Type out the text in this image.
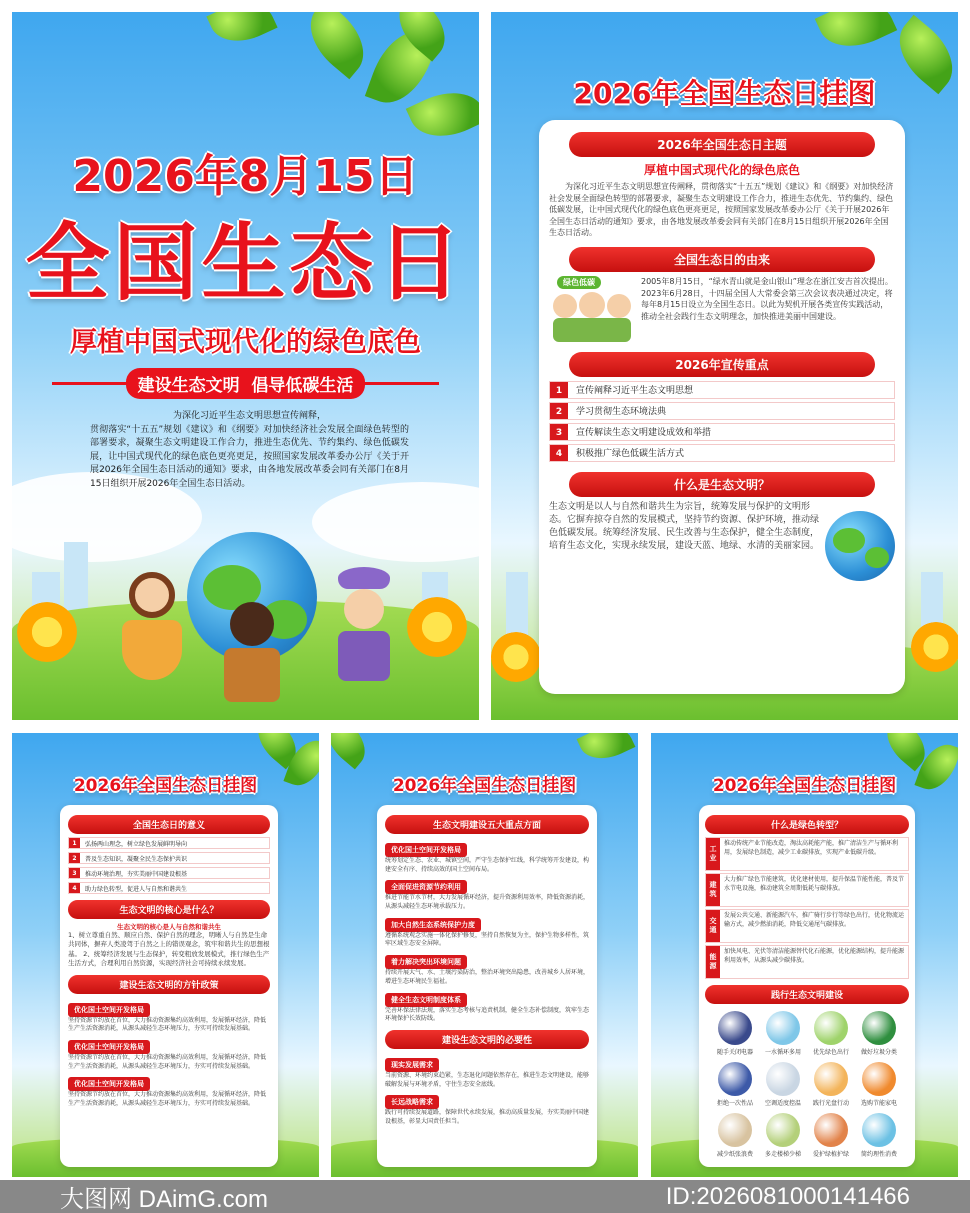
2026年8月15日
全国生态日
厚植中国式现代化的绿色底色
建设生态文明  倡导低碳生活
为深化习近平生态文明思想宣传阐释，
贯彻落实“十五五”规划《建议》和《纲要》对加快经济社会发展全面绿色转型的部署要求，凝聚生态文明建设工作合力，推进生态优先、节约集约、绿色低碳发展，让中国式现代化的绿色底色更亮更足，按照国家发展改革委办公厅《关于开展2026年全国生态日活动的通知》要求，由各地发展改革委会同有关部门在8月15日组织开展2026年全国生态日活动。
2026年全国生态日挂图
2026年全国生态日主题
厚植中国式现代化的绿色底色
为深化习近平生态文明思想宣传阐释，贯彻落实“十五五”规划《建议》和《纲要》对加快经济社会发展全面绿色转型的部署要求，凝聚生态文明建设工作合力，推进生态优先、节约集约、绿色低碳发展，让中国式现代化的绿色底色更亮更足，按照国家发展改革委办公厅《关于开展2026年全国生态日活动的通知》要求，由各地发展改革委会同有关部门在8月15日组织开展2026年全国生态日活动。
全国生态日的由来
绿色低碳	2005年8月15日，“绿水青山就是金山银山”理念在浙江安吉首次提出。2023年6月28日，十四届全国人大常委会第三次会议表决通过决定，将每年8月15日设立为全国生态日。以此为契机开展各类宣传实践活动，推动全社会践行生态文明理念，加快推进美丽中国建设。
2026年宣传重点
1	宣传阐释习近平生态文明思想
2	学习贯彻生态环境法典
3	宣传解读生态文明建设成效和举措
4	积极推广绿色低碳生活方式
什么是生态文明？
生态文明是以人与自然和谐共生为宗旨，统筹发展与保护的文明形态。它摒弃掠夺自然的发展模式，坚持节约资源、保护环境，推动绿色低碳发展。统筹经济发展、民生改善与生态保护，健全生态制度，培育生态文化，实现永续发展，建设天蓝、地绿、水清的美丽家园。
2026年全国生态日挂图
全国生态日的意义
1	弘扬两山理念，树立绿色发展鲜明导向
2	普及生态知识，凝聚全民生态保护共识
3	推动环境治理，夯实美丽中国建设根基
4	助力绿色转型，促进人与自然和谐共生
生态文明的核心是什么？
生态文明的核心是人与自然和谐共生
1、树立尊重自然、顺应自然、保护自然的理念，明晰人与自然是生命共同体，摒弃人类凌驾于自然之上的错误观念，筑牢和谐共生的思想根基。 2、统筹经济发展与生态保护，转变粗放发展模式，推行绿色生产生活方式，合理利用自然资源，实现经济社会可持续永续发展。
建设生态文明的方针政策
优化国土空间开发格局
坚持资源节约放在首位，大力推动资源集约高效利用，发展循环经济，降低生产生活资源消耗，从源头减轻生态环境压力，夯实可持续发展基础。
优化国土空间开发格局
坚持资源节约放在首位，大力推动资源集约高效利用，发展循环经济，降低生产生活资源消耗，从源头减轻生态环境压力，夯实可持续发展基础。
优化国土空间开发格局
坚持资源节约放在首位，大力推动资源集约高效利用，发展循环经济，降低生产生活资源消耗，从源头减轻生态环境压力，夯实可持续发展基础。
2026年全国生态日挂图
生态文明建设五大重点方面
优化国土空间开发格局
统筹划定生态、农业、城镇空间，严守生态保护红线，科学统筹开发建设，构建安全有序、持续高效的国土空间布局。
全面促进资源节约利用
推进节能节水节材，大力发展循环经济，提升资源利用效率，降低资源消耗，从源头减轻生态环境承载压力。
加大自然生态系统保护力度
遵循系统观念实施一体化保护修复，坚持自然恢复为主，保护生物多样性，筑牢区域生态安全屏障。
着力解决突出环境问题
持续开展大气、水、土壤污染防治，整治环境突出隐患，改善城乡人居环境，增进生态环境民生福祉。
健全生态文明制度体系
完善环保法律法规，落实生态考核与追责机制，健全生态补偿制度，筑牢生态环境保护长效防线。
建设生态文明的必要性
现实发展需求
当前资源、环境约束趋紧，生态退化问题依然存在，推进生态文明建设，能够破解发展与环境矛盾，守住生态安全底线。
长远战略需求
践行可持续发展道路，保障世代永续发展，推动高质量发展，夯实美丽中国建设根基，彰显大国责任担当。
2026年全国生态日挂图
什么是绿色转型？
工业
推动传统产业节能改造，淘汰高耗能产能，推广清洁生产与循环利用，发展绿色制造，减少工业碳排放，实现产业低碳升级。
建筑
大力推广绿色节能建筑，优化建材使用，提升保温节能性能，普及节水节电设施，推动建筑全周期低耗与碳排放。
交通
发展公共交通、新能源汽车，推广骑行步行等绿色出行，优化物流运输方式，减少燃油消耗，降低交通尾气碳排放。
能源
加快风电、光伏等清洁能源替代化石能源，优化能源结构，提升能源利用效率，从源头减少碳排放。
践行生态文明建设
随手关闭电器	一水循环多用	优先绿色出行	做好垃圾分类
拒绝一次性品	空调适度控温	践行光盘行动	选购节能家电
减少纸张浪费	多走楼梯少梯	爱护绿植护绿	简约理性消费
大图网 DAimG.com	ID:20260810001414​66
